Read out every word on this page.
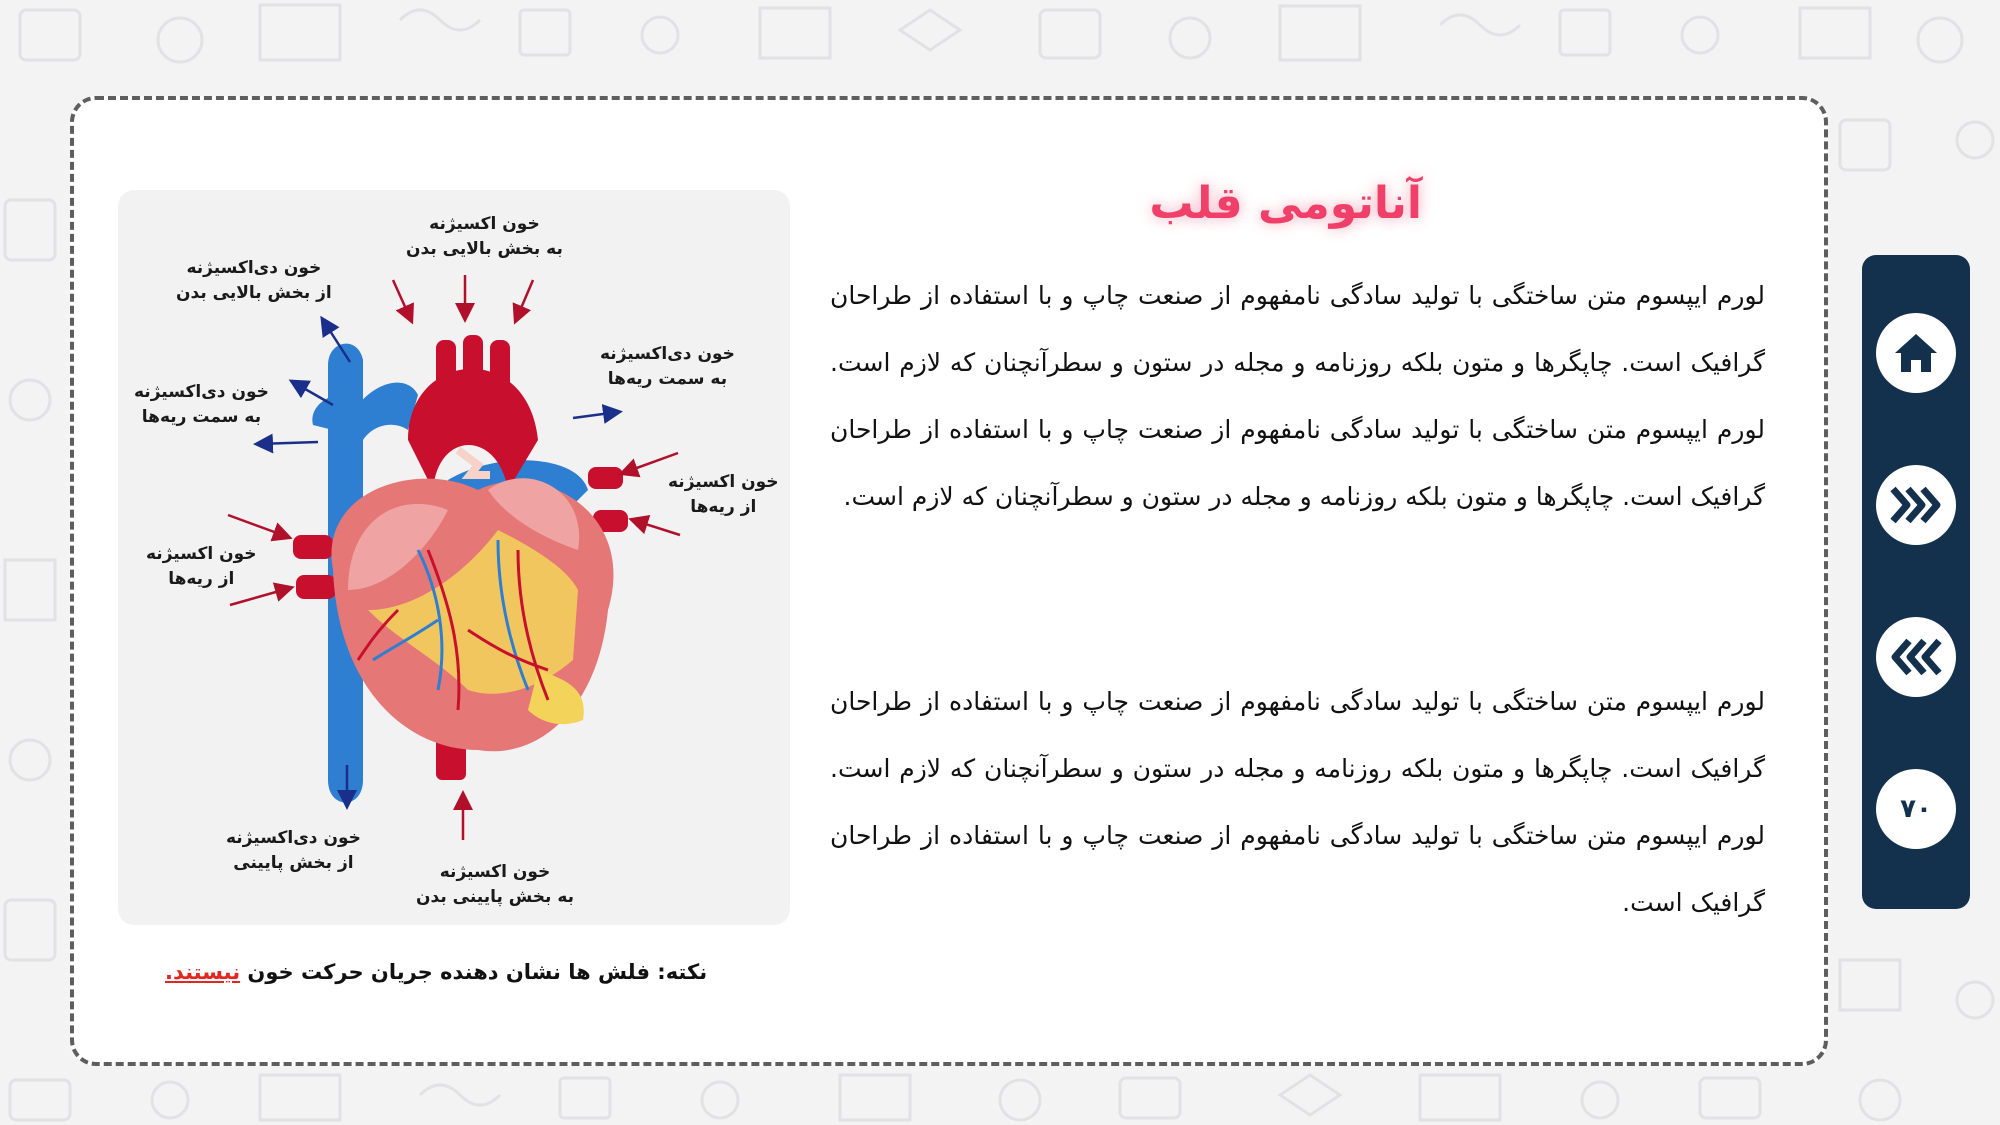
آناتومی قلب
لورم ایپسوم متن ساختگی با تولید سادگی نامفهوم از صنعت چاپ و با استفاده از طراحان گرافیک است. چاپگرها و متون بلکه روزنامه و مجله در ستون و سطرآنچنان که لازم است. لورم ایپسوم متن ساختگی با تولید سادگی نامفهوم از صنعت چاپ و با استفاده از طراحان گرافیک است. چاپگرها و متون بلکه روزنامه و مجله در ستون و سطرآنچنان که لازم است.
لورم ایپسوم متن ساختگی با تولید سادگی نامفهوم از صنعت چاپ و با استفاده از طراحان گرافیک است. چاپگرها و متون بلکه روزنامه و مجله در ستون و سطرآنچنان که لازم است. لورم ایپسوم متن ساختگی با تولید سادگی نامفهوم از صنعت چاپ و با استفاده از طراحان گرافیک است.
خون اکسیژنه
به بخش بالایی بدن
خون دی‌اکسیژنه
از بخش بالایی بدن
خون دی‌اکسیژنه
به سمت ریه‌ها
خون اکسیژنه
از ریه‌ها
خون دی‌اکسیژنه
به سمت ریه‌ها
خون اکسیژنه
از ریه‌ها
خون دی‌اکسیژنه
از بخش پایینی	خون اکسیژنه
به بخش پایینی بدن
نکته: فلش ها نشان دهنده جریان حرکت خون نیستند.
۷۰
